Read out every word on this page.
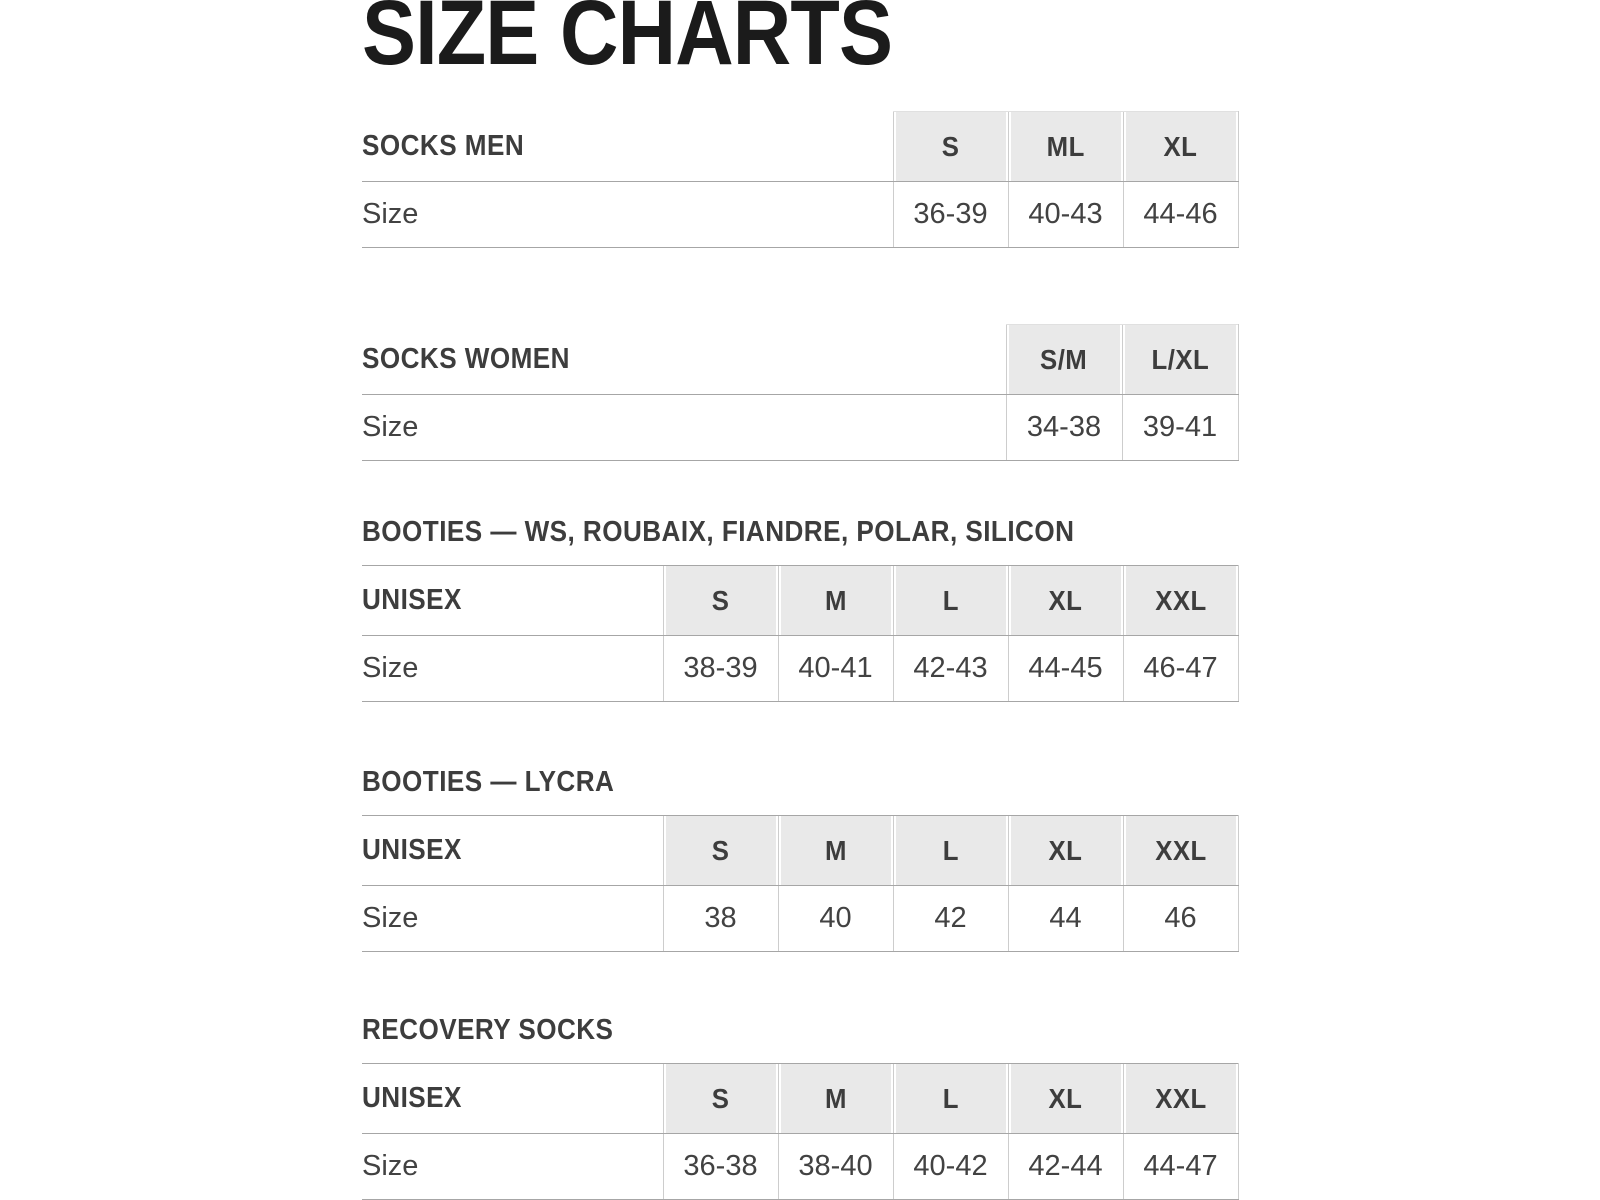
SIZE CHARTS
SOCKS MEN	S	ML	XL
Size	36-39	40-43	44-46
SOCKS WOMEN	S/M	L/XL
Size	34-38	39-41
BOOTIES — WS, ROUBAIX, FIANDRE, POLAR, SILICON
UNISEX	S	M	L	XL	XXL
Size	38-39	40-41	42-43	44-45	46-47
BOOTIES — LYCRA
UNISEX	S	M	L	XL	XXL
Size	38	40	42	44	46
RECOVERY SOCKS
UNISEX	S	M	L	XL	XXL
Size	36-38	38-40	40-42	42-44	44-47
